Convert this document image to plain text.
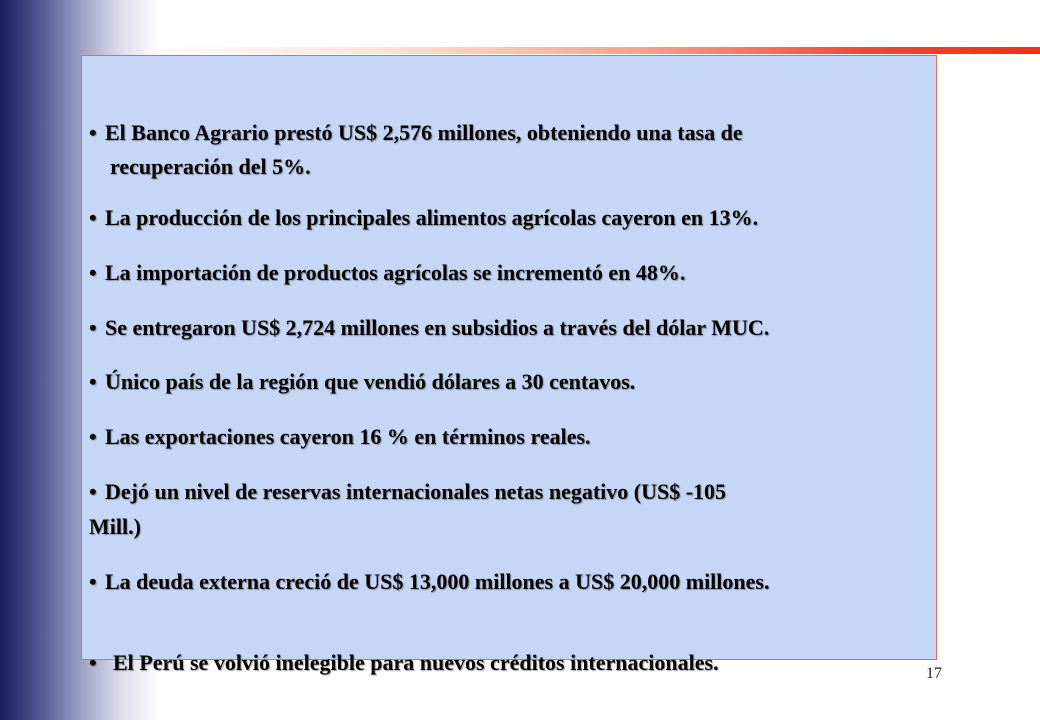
• El Banco Agrario prestó US$ 2,576 millones, obteniendo una tasa de

recuperación del 5%.

• La producción de los principales alimentos agrícolas cayeron en 13%.

• La importación de productos agrícolas se incrementó en 48%.

• Se entregaron US$ 2,724 millones en subsidios a través del dólar MUC.

• Único país de la región que vendió dólares a 30 centavos.

• Las exportaciones cayeron 16 % en términos reales.

• Dejó un nivel de reservas internacionales netas negativo (US$ -105

Mill.)

• La deuda externa creció de US$ 13,000 millones a US$ 20,000 millones.

• El Perú se volvió inelegible para nuevos créditos internacionales.	17
